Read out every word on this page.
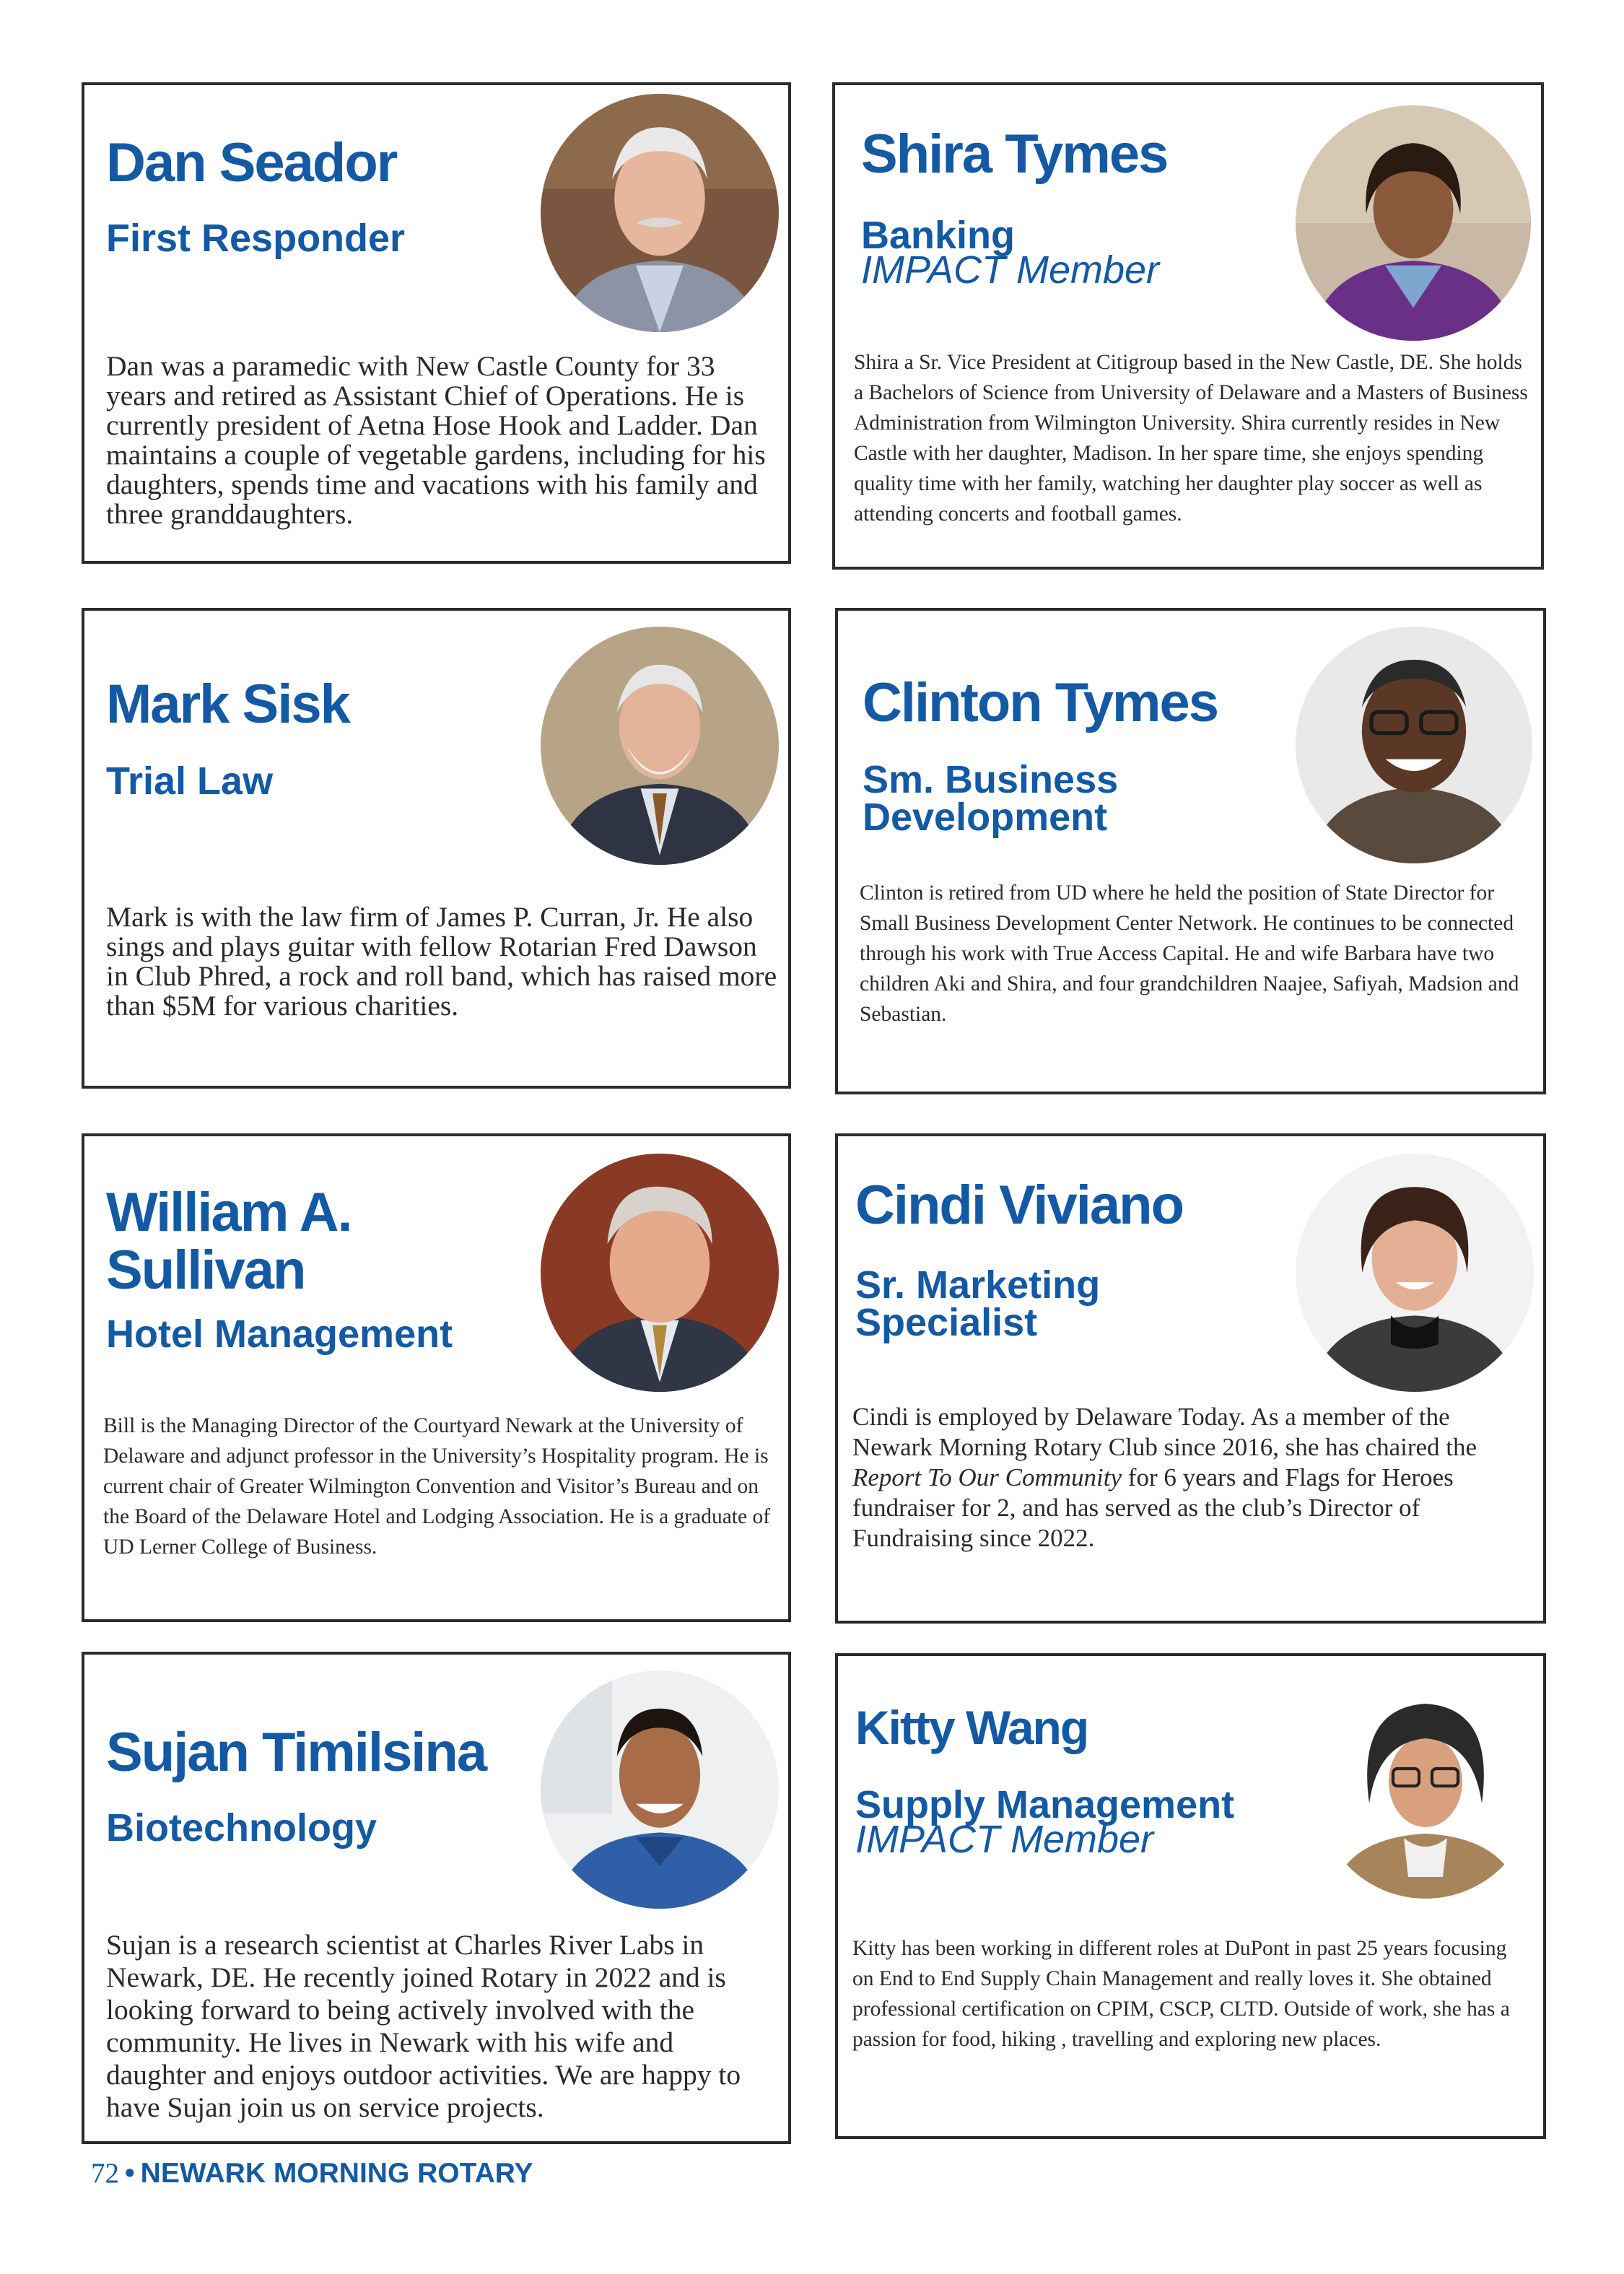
Dan Seador
First Responder

Dan was a paramedic with New Castle County for 33 years and retired as Assistant Chief of Operations. He is currently president of Aetna Hose Hook and Ladder. Dan maintains a couple of vegetable gardens, including for his daughters, spends time and vacations with his family and three granddaughters.

Shira Tymes
Banking
IMPACT Member

Shira a Sr. Vice President at Citigroup based in the New Castle, DE. She holds a Bachelors of Science from University of Delaware and a Masters of Business Administration from Wilmington University. Shira currently resides in New Castle with her daughter, Madison. In her spare time, she enjoys spending quality time with her family, watching her daughter play soccer as well as attending concerts and football games.

Mark Sisk
Trial Law

Mark is with the law firm of James P. Curran, Jr. He also sings and plays guitar with fellow Rotarian Fred Dawson in Club Phred, a rock and roll band, which has raised more than $5M for various charities.

Clinton Tymes
Sm. Business Development

Clinton is retired from UD where he held the position of State Director for Small Business Development Center Network. He continues to be connected through his work with True Access Capital. He and wife Barbara have two children Aki and Shira, and four grandchildren Naajee, Safiyah, Madsion and Sebastian.

William A. Sullivan
Hotel Management

Bill is the Managing Director of the Courtyard Newark at the University of Delaware and adjunct professor in the University’s Hospitality program. He is current chair of Greater Wilmington Convention and Visitor’s Bureau and on the Board of the Delaware Hotel and Lodging Association. He is a graduate of UD Lerner College of Business.

Cindi Viviano
Sr. Marketing Specialist

Cindi is employed by Delaware Today. As a member of the Newark Morning Rotary Club since 2016, she has chaired the Report To Our Community for 6 years and Flags for Heroes fundraiser for 2, and has served as the club’s Director of Fundraising since 2022.

Sujan Timilsina
Biotechnology

Sujan is a research scientist at Charles River Labs in Newark, DE. He recently joined Rotary in 2022 and is looking forward to being actively involved with the community. He lives in Newark with his wife and daughter and enjoys outdoor activities. We are happy to have Sujan join us on service projects.

Kitty Wang
Supply Management
IMPACT Member

Kitty has been working in different roles at DuPont in past 25 years focusing on End to End Supply Chain Management and really loves it. She obtained professional certification on CPIM, CSCP, CLTD. Outside of work, she has a passion for food, hiking , travelling and exploring new places.

72 • NEWARK MORNING ROTARY
